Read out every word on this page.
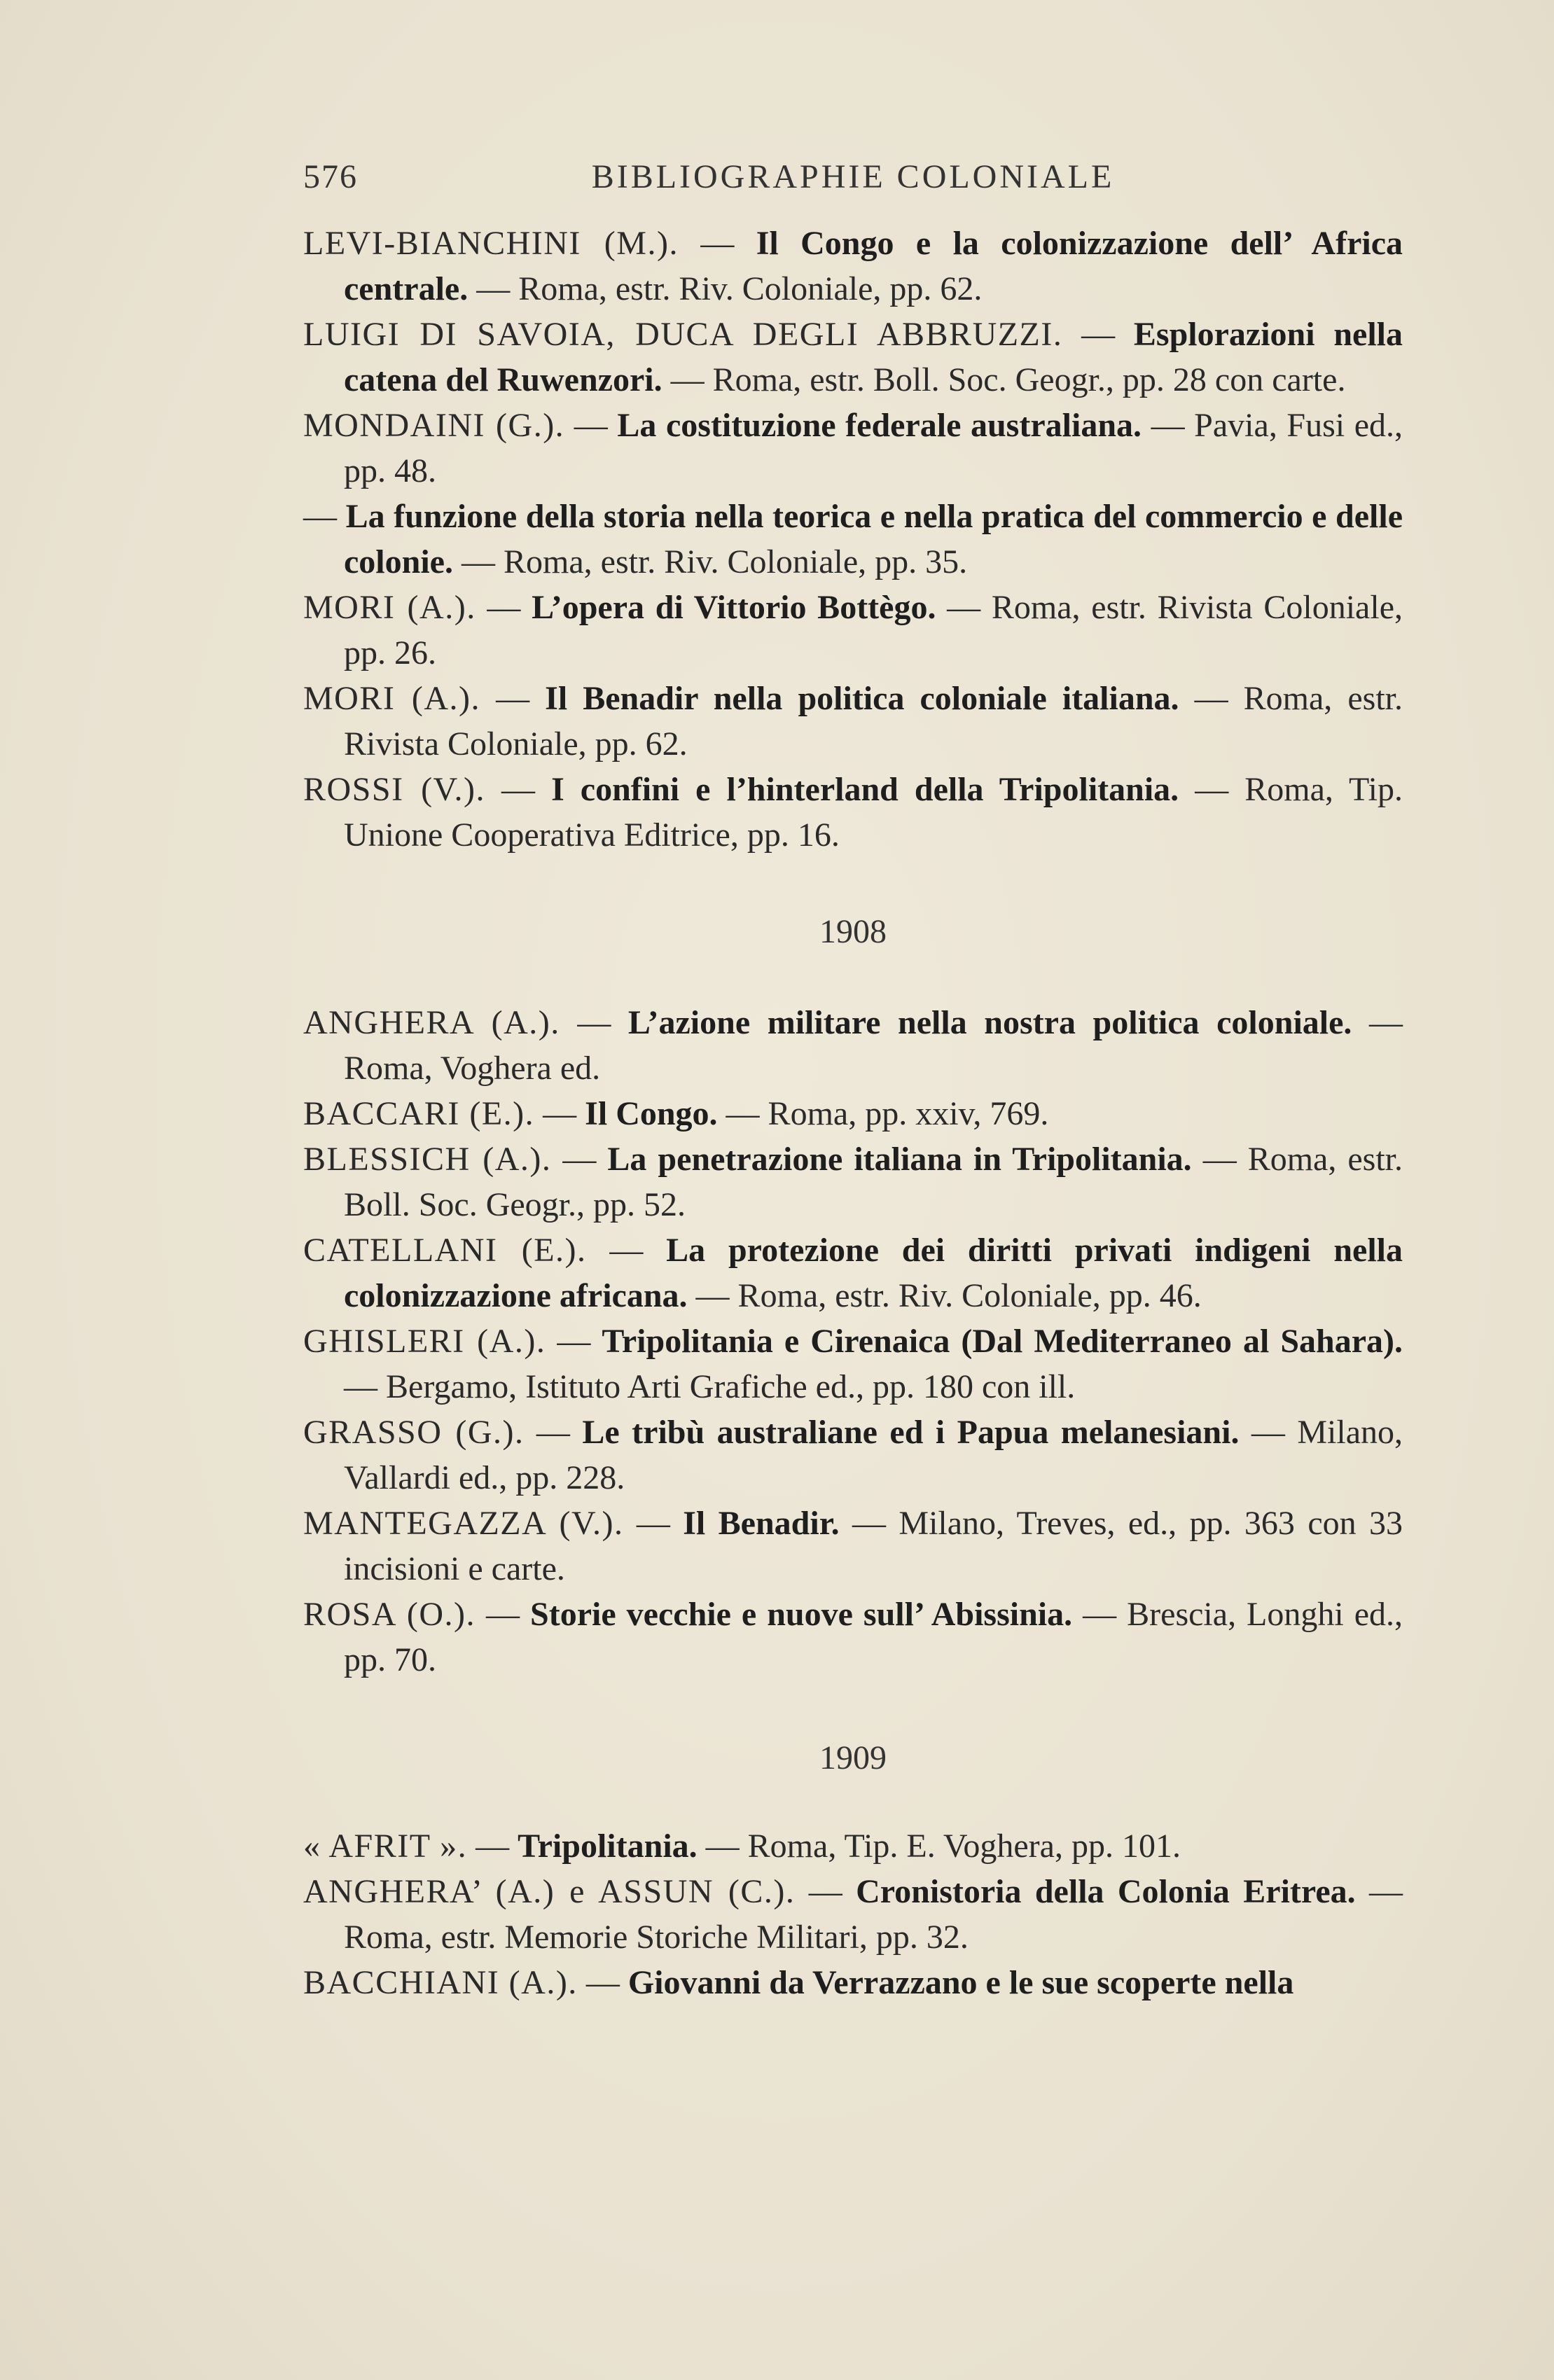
576	BIBLIOGRAPHIE COLONIALE

LEVI-BIANCHINI (M.). — Il Congo e la colonizzazione dell’ Africa centrale. — Roma, estr. Riv. Coloniale, pp. 62.

LUIGI DI SAVOIA, DUCA DEGLI ABBRUZZI. — Esplorazioni nella catena del Ruwenzori. — Roma, estr. Boll. Soc. Geogr., pp. 28 con carte.

MONDAINI (G.). — La costituzione federale australiana. — Pavia, Fusi ed., pp. 48.

— La funzione della storia nella teorica e nella pratica del commercio e delle colonie. — Roma, estr. Riv. Coloniale, pp. 35.

MORI (A.). — L’opera di Vittorio Bottègo. — Roma, estr. Rivista Coloniale, pp. 26.

MORI (A.). — Il Benadir nella politica coloniale italiana. — Roma, estr. Rivista Coloniale, pp. 62.

ROSSI (V.). — I confini e l’hinterland della Tripolitania. — Roma, Tip. Unione Cooperativa Editrice, pp. 16.

1908

ANGHERA (A.). — L’azione militare nella nostra politica coloniale. — Roma, Voghera ed.

BACCARI (E.). — Il Congo. — Roma, pp. xxiv, 769.

BLESSICH (A.). — La penetrazione italiana in Tripolitania. — Roma, estr. Boll. Soc. Geogr., pp. 52.

CATELLANI (E.). — La protezione dei diritti privati indigeni nella colonizzazione africana. — Roma, estr. Riv. Coloniale, pp. 46.

GHISLERI (A.). — Tripolitania e Cirenaica (Dal Mediterraneo al Sahara). — Bergamo, Istituto Arti Grafiche ed., pp. 180 con ill.

GRASSO (G.). — Le tribù australiane ed i Papua melanesiani. — Milano, Vallardi ed., pp. 228.

MANTEGAZZA (V.). — Il Benadir. — Milano, Treves, ed., pp. 363 con 33 incisioni e carte.

ROSA (O.). — Storie vecchie e nuove sull’ Abissinia. — Brescia, Longhi ed., pp. 70.

1909

« AFRIT ». — Tripolitania. — Roma, Tip. E. Voghera, pp. 101.

ANGHERA’ (A.) e ASSUN (C.). — Cronistoria della Colonia Eritrea. — Roma, estr. Memorie Storiche Militari, pp. 32.

BACCHIANI (A.). — Giovanni da Verrazzano e le sue scoperte nella
